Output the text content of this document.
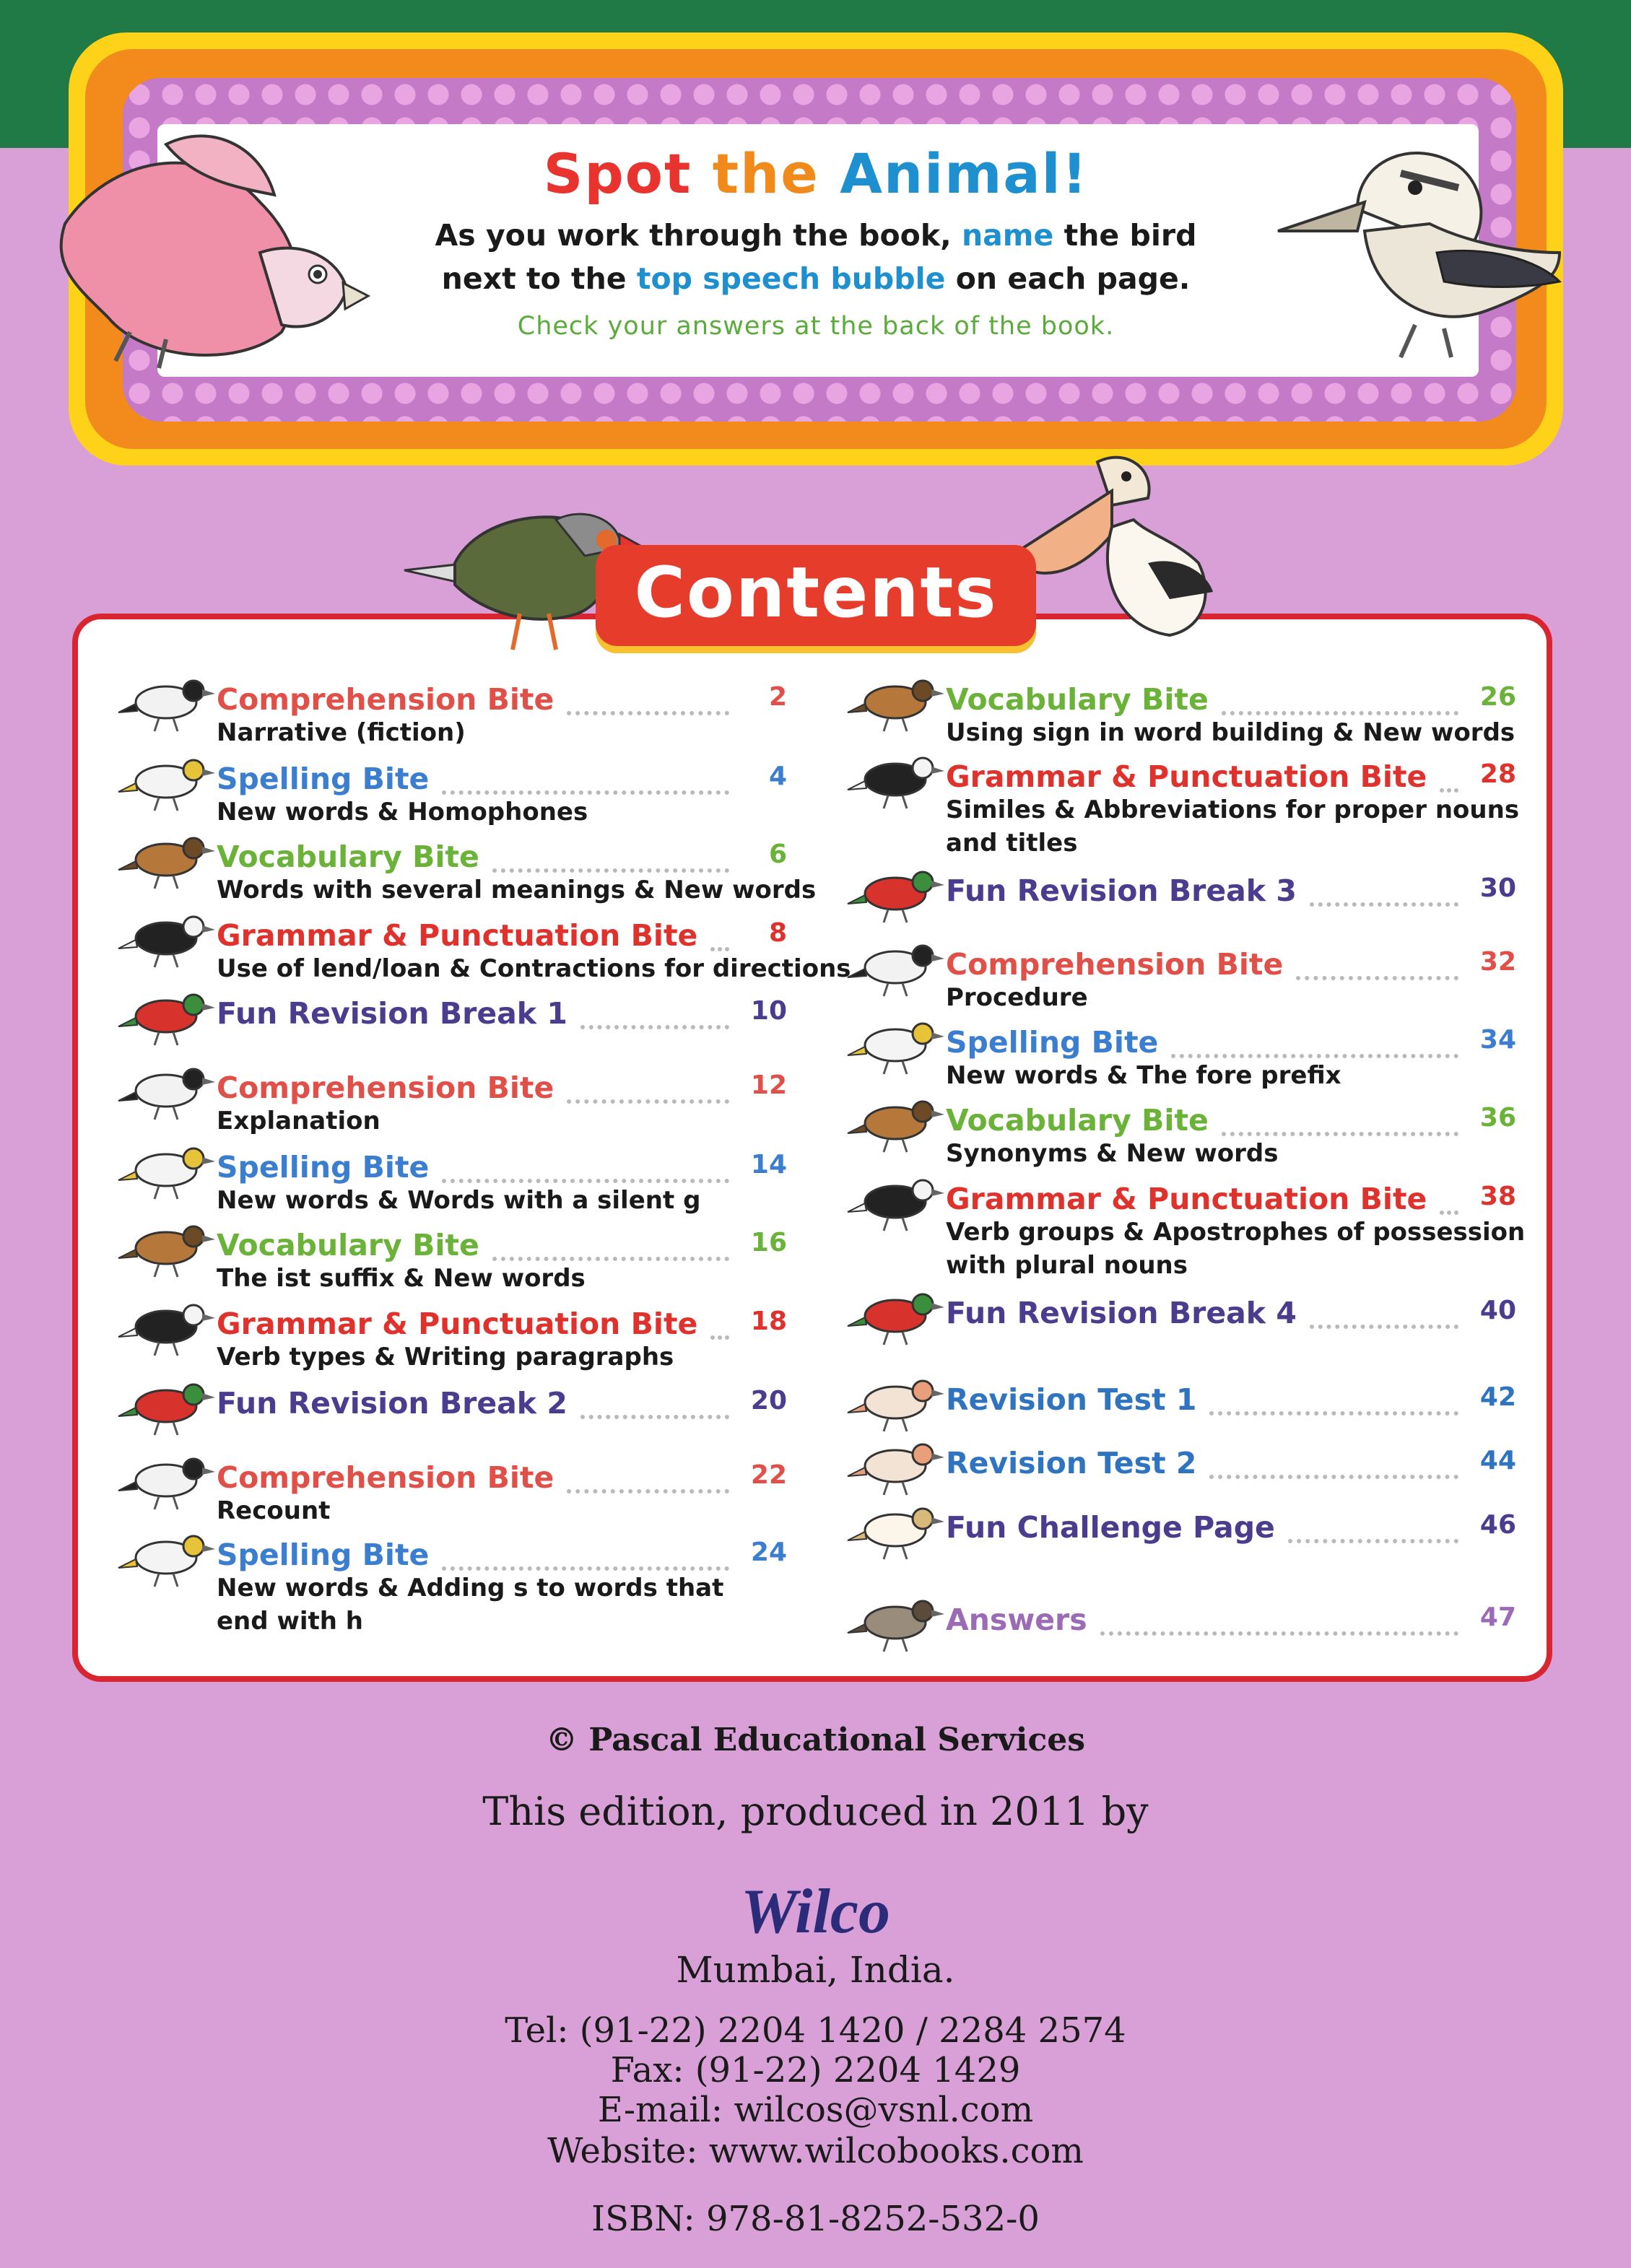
Spot the Animal!
As you work through the book, name the bird
next to the top speech bubble on each page.
Check your answers at the back of the book.
Contents
© Pascal Educational Services
This edition, produced in 2011 by
Wilco
Mumbai, India.
Tel: (91-22) 2204 1420 / 2284 2574
Fax: (91-22) 2204 1429
E-mail: wilcos@vsnl.com
Website: www.wilcobooks.com
ISBN: 978-81-8252-532-0
Comprehension Bite	2
Narrative (fiction)
Spelling Bite	4
New words & Homophones
Vocabulary Bite	6
Words with several meanings & New words
Grammar & Punctuation Bite	8
Use of lend/loan & Contractions for directions
Fun Revision Break 1	10
Comprehension Bite	12
Explanation
Spelling Bite	14
New words & Words with a silent g
Vocabulary Bite	16
The ist suffix & New words
Grammar & Punctuation Bite	18
Verb types & Writing paragraphs
Fun Revision Break 2	20
Comprehension Bite	22
Recount
Spelling Bite	24
New words & Adding s to words that
end with h
Vocabulary Bite	26
Using sign in word building & New words
Grammar & Punctuation Bite	28
Similes & Abbreviations for proper nouns
and titles
Fun Revision Break 3	30
Comprehension Bite	32
Procedure
Spelling Bite	34
New words & The fore prefix
Vocabulary Bite	36
Synonyms & New words
Grammar & Punctuation Bite	38
Verb groups & Apostrophes of possession
with plural nouns
Fun Revision Break 4	40
Revision Test 1	42
Revision Test 2	44
Fun Challenge Page	46
Answers	47
